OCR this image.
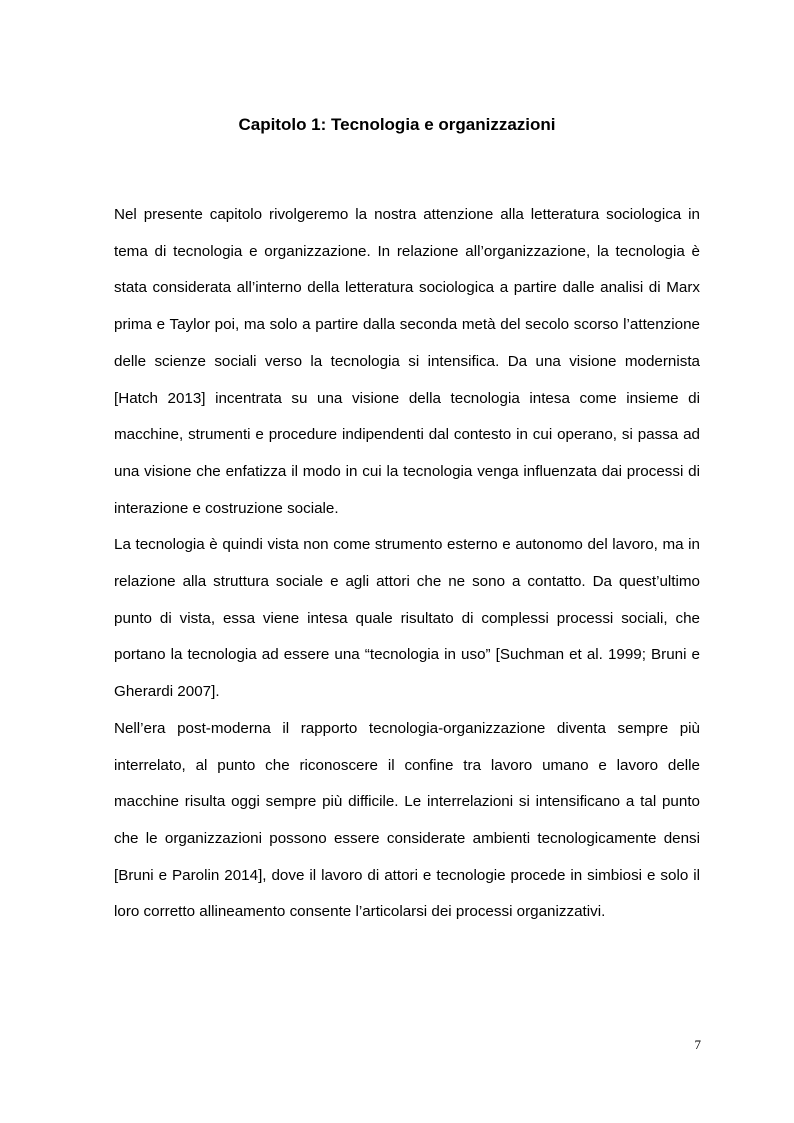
Capitolo 1: Tecnologia e organizzazioni

Nel presente capitolo rivolgeremo la nostra attenzione alla letteratura sociologica in tema di tecnologia e organizzazione. In relazione all’organizzazione, la tecnologia è stata considerata all’interno della letteratura sociologica a partire dalle analisi di Marx prima e Taylor poi, ma solo a partire dalla seconda metà del secolo scorso l’attenzione delle scienze sociali verso la tecnologia si intensifica. Da una visione modernista [Hatch 2013] incentrata su una visione della tecnologia intesa come insieme di macchine, strumenti e procedure indipendenti dal contesto in cui operano, si passa ad una visione che enfatizza il modo in cui la tecnologia venga influenzata dai processi di interazione e costruzione sociale.

La tecnologia è quindi vista non come strumento esterno e autonomo del lavoro, ma in relazione alla struttura sociale e agli attori che ne sono a contatto. Da quest’ultimo punto di vista, essa viene intesa quale risultato di complessi processi sociali, che portano la tecnologia ad essere una “tecnologia in uso” [Suchman et al. 1999; Bruni e Gherardi 2007].

Nell’era post-moderna il rapporto tecnologia-organizzazione diventa sempre più interrelato, al punto che riconoscere il confine tra lavoro umano e lavoro delle macchine risulta oggi sempre più difficile. Le interrelazioni si intensificano a tal punto che le organizzazioni possono essere considerate ambienti tecnologicamente densi [Bruni e Parolin 2014], dove il lavoro di attori e tecnologie procede in simbiosi e solo il loro corretto allineamento consente l’articolarsi dei processi organizzativi.

7
